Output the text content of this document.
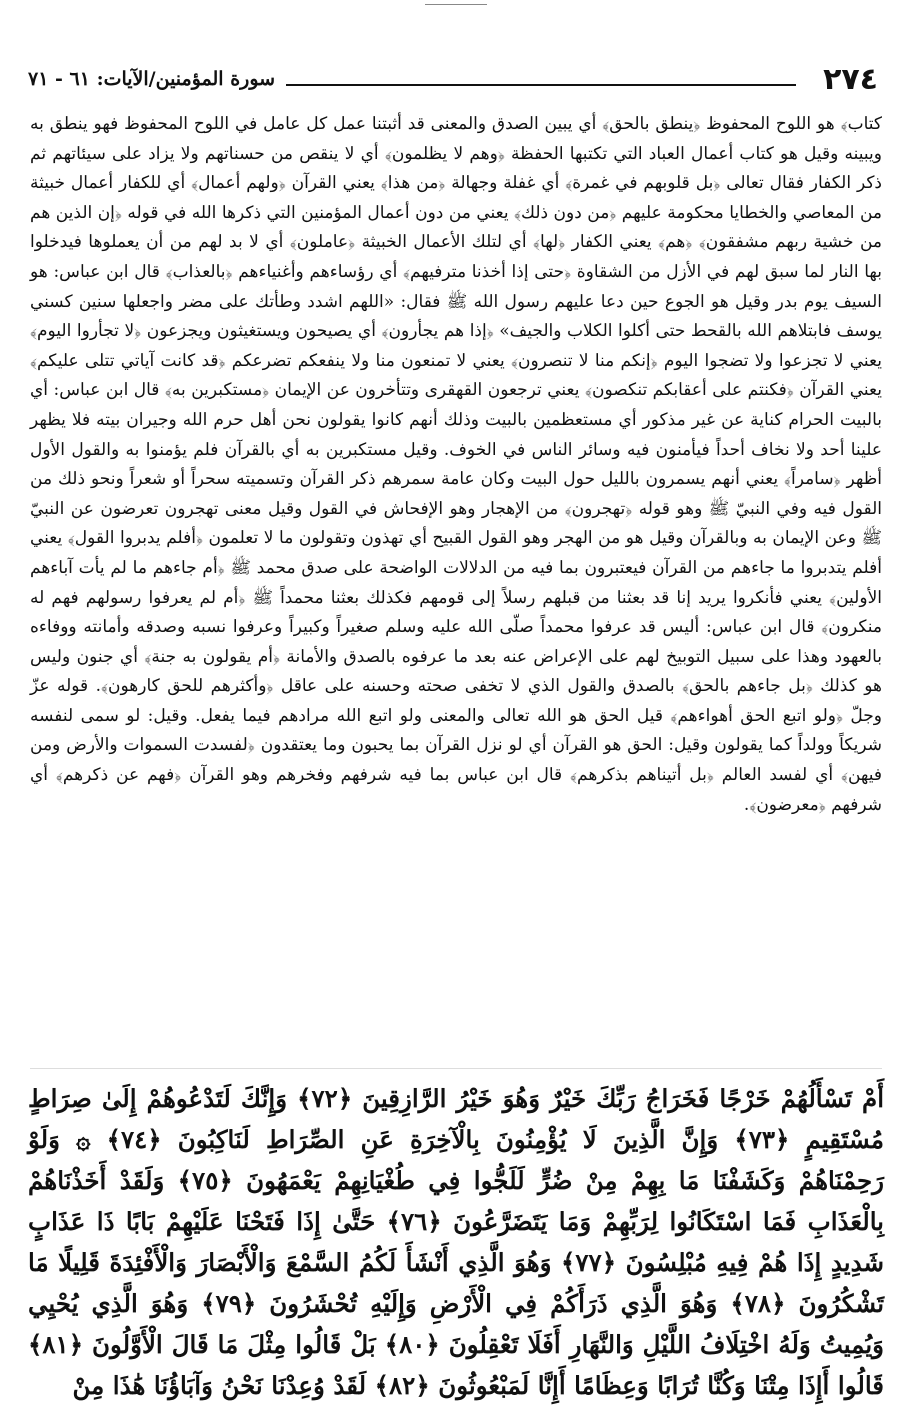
٢٧٤
سورة المؤمنين/الآيات: ٦١ - ٧١

كتاب﴾ هو اللوح المحفوظ ﴿ينطق بالحق﴾ أي يبين الصدق والمعنى قد أثبتنا عمل كل عامل في اللوح المحفوظ فهو ينطق به ويبينه وقيل هو كتاب أعمال العباد التي تكتبها الحفظة ﴿وهم لا يظلمون﴾ أي لا ينقص من حسناتهم ولا يزاد على سيئاتهم ثم ذكر الكفار فقال تعالى ﴿بل قلوبهم في غمرة﴾ أي غفلة وجهالة ﴿من هذا﴾ يعني القرآن ﴿ولهم أعمال﴾ أي للكفار أعمال خبيثة من المعاصي والخطايا محكومة عليهم ﴿من دون ذلك﴾ يعني من دون أعمال المؤمنين التي ذكرها الله في قوله ﴿إن الذين هم من خشية ربهم مشفقون﴾ ﴿هم﴾ يعني الكفار ﴿لها﴾ أي لتلك الأعمال الخبيثة ﴿عاملون﴾ أي لا بد لهم من أن يعملوها فيدخلوا بها النار لما سبق لهم في الأزل من الشقاوة ﴿حتى إذا أخذنا مترفيهم﴾ أي رؤساءهم وأغنياءهم ﴿بالعذاب﴾ قال ابن عباس: هو السيف يوم بدر وقيل هو الجوع حين دعا عليهم رسول الله ﷺ فقال: «اللهم اشدد وطأتك على مضر واجعلها سنين كسني يوسف فابتلاهم الله بالقحط حتى أكلوا الكلاب والجيف» ﴿إذا هم يجأرون﴾ أي يصيحون ويستغيثون ويجزعون ﴿لا تجأروا اليوم﴾ يعني لا تجزعوا ولا تضجوا اليوم ﴿إنكم منا لا تنصرون﴾ يعني لا تمنعون منا ولا ينفعكم تضرعكم ﴿قد كانت آياتي تتلى عليكم﴾ يعني القرآن ﴿فكنتم على أعقابكم تنكصون﴾ يعني ترجعون القهقرى وتتأخرون عن الإيمان ﴿مستكبرين به﴾ قال ابن عباس: أي بالبيت الحرام كناية عن غير مذكور أي مستعظمين بالبيت وذلك أنهم كانوا يقولون نحن أهل حرم الله وجيران بيته فلا يظهر علينا أحد ولا نخاف أحداً فيأمنون فيه وسائر الناس في الخوف. وقيل مستكبرين به أي بالقرآن فلم يؤمنوا به والقول الأول أظهر ﴿سامراً﴾ يعني أنهم يسمرون بالليل حول البيت وكان عامة سمرهم ذكر القرآن وتسميته سحراً أو شعراً ونحو ذلك من القول فيه وفي النبيّ ﷺ وهو قوله ﴿تهجرون﴾ من الإهجار وهو الإفحاش في القول وقيل معنى تهجرون تعرضون عن النبيّ ﷺ وعن الإيمان به وبالقرآن وقيل هو من الهجر وهو القول القبيح أي تهذون وتقولون ما لا تعلمون ﴿أفلم يدبروا القول﴾ يعني أفلم يتدبروا ما جاءهم من القرآن فيعتبرون بما فيه من الدلالات الواضحة على صدق محمد ﷺ ﴿أم جاءهم ما لم يأت آباءهم الأولين﴾ يعني فأنكروا يريد إنا قد بعثنا من قبلهم رسلاً إلى قومهم فكذلك بعثنا محمداً ﷺ ﴿أم لم يعرفوا رسولهم فهم له منكرون﴾ قال ابن عباس: أليس قد عرفوا محمداً صلّى الله عليه وسلم صغيراً وكبيراً وعرفوا نسبه وصدقه وأمانته ووفاءه بالعهود وهذا على سبيل التوبيخ لهم على الإعراض عنه بعد ما عرفوه بالصدق والأمانة ﴿أم يقولون به جنة﴾ أي جنون وليس هو كذلك ﴿بل جاءهم بالحق﴾ بالصدق والقول الذي لا تخفى صحته وحسنه على عاقل ﴿وأكثرهم للحق كارهون﴾. قوله عزّ وجلّ ﴿ولو اتبع الحق أهواءهم﴾ قيل الحق هو الله تعالى والمعنى ولو اتبع الله مرادهم فيما يفعل. وقيل: لو سمى لنفسه شريكاً وولداً كما يقولون وقيل: الحق هو القرآن أي لو نزل القرآن بما يحبون وما يعتقدون ﴿لفسدت السموات والأرض ومن فيهن﴾ أي لفسد العالم ﴿بل أتيناهم بذكرهم﴾ قال ابن عباس بما فيه شرفهم وفخرهم وهو القرآن ﴿فهم عن ذكرهم﴾ أي شرفهم ﴿معرضون﴾.

أَمْ تَسْأَلُهُمْ خَرْجًا فَخَرَاجُ رَبِّكَ خَيْرٌ وَهُوَ خَيْرُ الرَّازِقِينَ ﴿٧٢﴾ وَإِنَّكَ لَتَدْعُوهُمْ إِلَىٰ صِرَاطٍ مُسْتَقِيمٍ ﴿٧٣﴾ وَإِنَّ الَّذِينَ لَا يُؤْمِنُونَ بِالْآخِرَةِ عَنِ الصِّرَاطِ لَنَاكِبُونَ ﴿٧٤﴾ ۞ وَلَوْ رَحِمْنَاهُمْ وَكَشَفْنَا مَا بِهِمْ مِنْ ضُرٍّ لَلَجُّوا فِي طُغْيَانِهِمْ يَعْمَهُونَ ﴿٧٥﴾ وَلَقَدْ أَخَذْنَاهُمْ بِالْعَذَابِ فَمَا اسْتَكَانُوا لِرَبِّهِمْ وَمَا يَتَضَرَّعُونَ ﴿٧٦﴾ حَتَّىٰ إِذَا فَتَحْنَا عَلَيْهِمْ بَابًا ذَا عَذَابٍ شَدِيدٍ إِذَا هُمْ فِيهِ مُبْلِسُونَ ﴿٧٧﴾ وَهُوَ الَّذِي أَنْشَأَ لَكُمُ السَّمْعَ وَالْأَبْصَارَ وَالْأَفْئِدَةَ قَلِيلًا مَا تَشْكُرُونَ ﴿٧٨﴾ وَهُوَ الَّذِي ذَرَأَكُمْ فِي الْأَرْضِ وَإِلَيْهِ تُحْشَرُونَ ﴿٧٩﴾ وَهُوَ الَّذِي يُحْيِي وَيُمِيتُ وَلَهُ اخْتِلَافُ اللَّيْلِ وَالنَّهَارِ أَفَلَا تَعْقِلُونَ ﴿٨٠﴾ بَلْ قَالُوا مِثْلَ مَا قَالَ الْأَوَّلُونَ ﴿٨١﴾ قَالُوا أَإِذَا مِتْنَا وَكُنَّا تُرَابًا وَعِظَامًا أَإِنَّا لَمَبْعُوثُونَ ﴿٨٢﴾ لَقَدْ وُعِدْنَا نَحْنُ وَآبَاؤُنَا هَٰذَا مِنْ
